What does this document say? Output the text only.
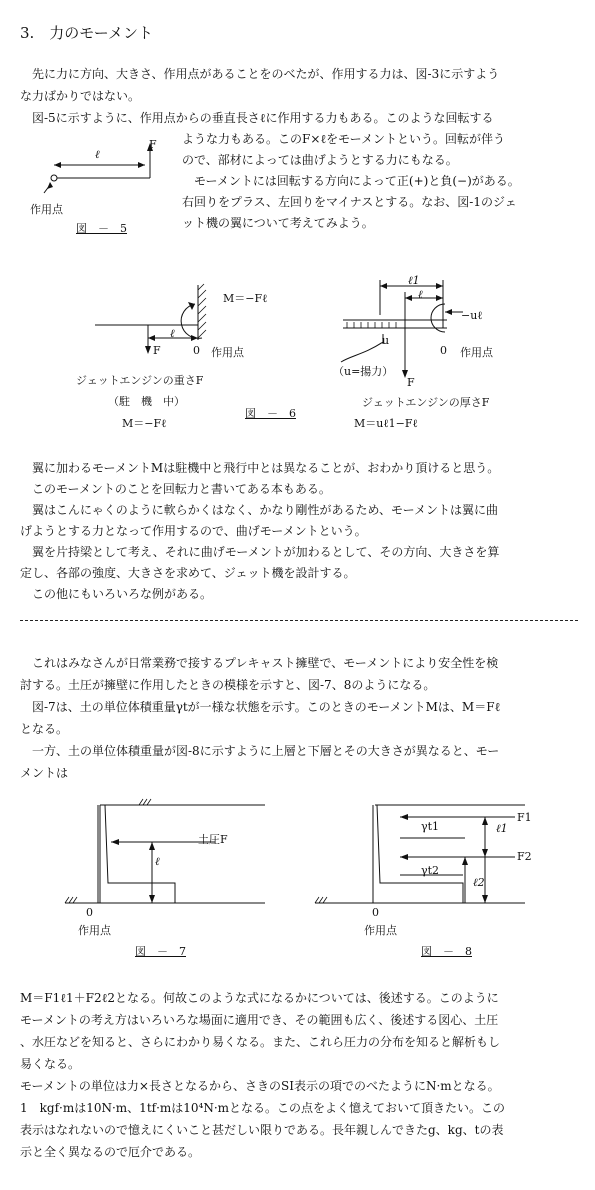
3.　力のモーメント
　先に力に方向、大きさ、作用点があることをのべたが、作用する力は、図-3に示すよう
な力ばかりではない。
　図-5に示すように、作用点からの垂直長さℓに作用する力もある。このような回転する
ような力もある。このF×ℓをモーメントという。回転が伴う
ので、部材によっては曲げようとする力にもなる。
　モーメントには回転する方向によって正(+)と負(−)がある。
右回りをプラス、左回りをマイナスとする。なお、図-1のジェ
ット機の翼について考えてみよう。
ℓ
F
作用点
図　－　5
M＝−Fℓ
ℓ
F	0 作用点
ジェットエンジンの重さF
（駐　機　中）
M＝−Fℓ
図　－　6
ℓ1
ℓ
−uℓ
u
0 作用点
（u=揚力）
F
ジェットエンジンの厚さF
M＝uℓ1−Fℓ
　翼に加わるモーメントMは駐機中と飛行中とは異なることが、おわかり頂けると思う。
　このモーメントのことを回転力と書いてある本もある。
　翼はこんにゃくのように軟らかくはなく、かなり剛性があるため、モーメントは翼に曲
げようとする力となって作用するので、曲げモーメントという。
　翼を片持梁として考え、それに曲げモーメントが加わるとして、その方向、大きさを算
定し、各部の強度、大きさを求めて、ジェット機を設計する。
　この他にもいろいろな例がある。
　これはみなさんが日常業務で接するプレキャスト擁壁で、モーメントにより安全性を検
討する。土圧が擁壁に作用したときの模様を示すと、図-7、8のようになる。
　図-7は、土の単位体積重量γtが一様な状態を示す。このときのモーメントMは、M＝Fℓ
となる。
　一方、土の単位体積重量が図-8に示すように上層と下層とその大きさが異なると、モー
メントは
土圧F
ℓ
0
作用点
図　－　7
F1
F2
γt1
γt2
ℓ1
ℓ2
0
作用点
図　－　8
M＝F1ℓ1＋F2ℓ2となる。何故このような式になるかについては、後述する。このように
モーメントの考え方はいろいろな場面に適用でき、その範囲も広く、後述する図心、土圧
、水圧などを知ると、さらにわかり易くなる。また、これら圧力の分布を知ると解析もし
易くなる。
モーメントの単位は力×長さとなるから、さきのSI表示の項でのべたようにN·mとなる。
1　kgf·mは10N·m、1tf·mは10⁴N·mとなる。この点をよく憶えておいて頂きたい。この
表示はなれないので憶えにくいこと甚だしい限りである。長年親しんできたg、kg、tの表
示と全く異なるので厄介である。
